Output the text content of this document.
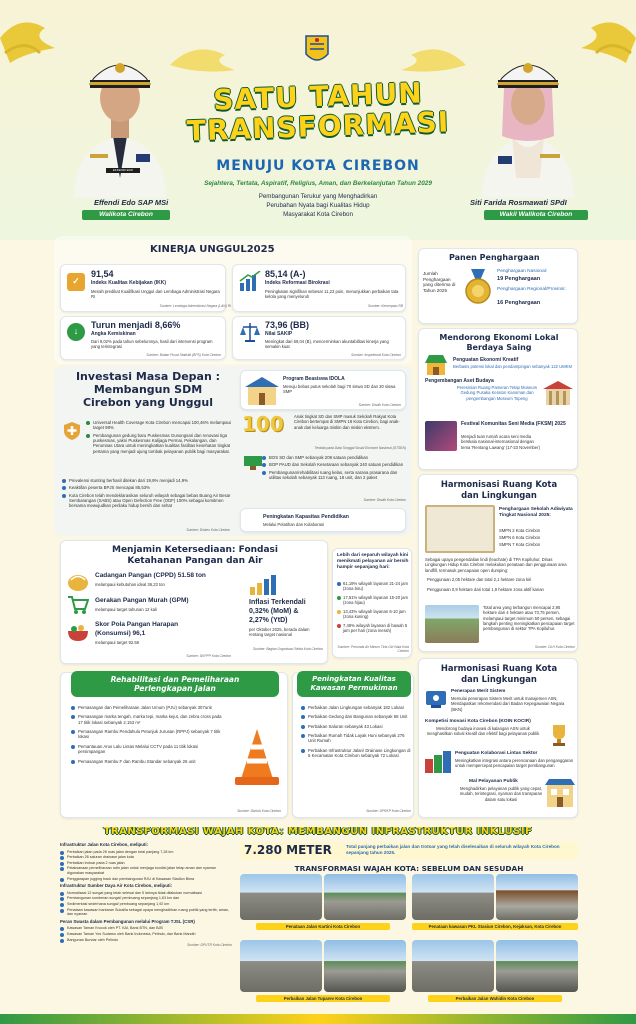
EFFENDI EDO
Effendi Edo SAP MSi
Walikota Cirebon
Siti Farida Rosmawati SPdI
Wakil Walikota Cirebon
SATU TAHUN
TRANSFORMASI
MENUJU KOTA CIREBON
Sejahtera, Tertata, Aspiratif, Religius, Aman, dan Berkelanjutan Tahun 2029
Pembangunan Terukur yang Menghadirkan
Perubahan Nyata bagi Kualitas Hidup
Masyarakat Kota Cirebon
KINERJA UNGGUL2025
✓
91,54
Indeks Kualitas Kebijakan (IKK)
Meraih predikat Kualifikasi Unggul dari Lembaga Administrasi Negara RI
Sumber: Lembaga Administrasi Negara (LAN) RI
85,14 (A-)
Indeks Reformasi Birokrasi
Peningkatan signifikan sebesar 11,23 poin, menunjukkan perbaikan tata kelola yang menyeluruh
Sumber: Kemenpan-RB
↓
Turun menjadi 8,66%
Angka Kemiskinan
Dari 9,02% pada tahun sebelumnya, hasil dari intervensi program yang terintegrasi
Sumber: Badan Pusat Statistik (BPS) Kota Cirebon
73,96 (BB)
Nilai SAKIP
Meningkat dari 69,04 (B), mencerminkan akuntabilitas kinerja yang semakin kuat
Sumber: Inspektorat Kota Cirebon
Panen Penghargaan
Jumlah Penghargaan yang diterima di Tahun 2025
Penghargaan Nasional:
19 Penghargaan
Penghargaan Regional/Provinsi:
16 Penghargaan
Mendorong Ekonomi Lokal
Berdaya Saing
Penguatan Ekonomi Kreatif
Berbasis potensi lokal dan pendampingan sebanyak 122 UMKM
Pengembangan Aset Budaya
Peresmian Ruang Pameran Tetap Museum Gedung Pusaka Keraton Kanoman dan pengembangan Museum Topeng
Festival Komunitas Seni Media (FKSM) 2025
Menjadi tuan rumah acara seni media berskala nasional-internasional dengan tema 'Rentang Lawang' (17-23 November)
Investasi Masa Depan :
Membangun SDM
Cirebon yang Unggul
Universal Health Coverage Kota Cirebon mencapai 100,46% melampaui target 98%
Pembangunan gedung baru Puskesmas Gunungsari dan renovasi tiga puskesmas, yakni Puskesmas Kalijaga Permai, Pekalangan, dan Perumnas Utara untuk meningkatkan kualitas fasilitas kesehatan tingkat pertama yang menjadi ujung tombak pelayanan publik bagi masyarakat.
Prevalensi stunting berhasil ditekan dari 19,9% menjadi 14,9%
Keaktifan peserta BPJS mencapai 85,53%
Kota Cirebon telah mendeklarasikan seluruh wilayah sebagai bebas Buang Air Besar Sembarangan (SABS) atau Open Defection Free (ODF) 100% sebagai komitmen bersama mewujudkan perilaku hidup bersih dan sehat
Sumber: Dinkes Kota Cirebon
Program Beasiswa IDOLA
Menuju bebas putus sekolah bagi 70 siswa SD dan 30 siswa SMP
Sumber: Disdik Kota Cirebon
100	Anak tingkat SD dan SMP masuk Sekolah Rakyat Kota Cirebon bertempat di SMPN 18 Kota Cirebon, bagi anak-anak dari keluarga miskin dan miskin ekstrem.
Terdata pada Data Tunggal Sosial Ekonomi Nasional (DTSEN)
BOS SD dan SMP sebanyak 208 satuan pendidikan
BOP PAUD dan Sekolah Kesetaraan sebanyak 240 satuan pendidikan
Pembangunan/rehabilitasi ruang kelas, serta sarana prasarana dan utilitas sekolah sebanyak 113 ruang, 18 unit, dan 2 paket
Sumber: Disdik Kota Cirebon
Peningkatan Kapasitas Pendidikan
Melalui Pelatihan dan Kolaborasi
Harmonisasi Ruang Kota
dan Lingkungan
Penghargaan Sekolah Adiwiyata Tingkat Nasional 2025:
SMPN 2 Kota Cirebon
SMPN 6 Kota Cirebon
SMPN 7 Kota Cirebon
Sebagai upaya pengendalian lindi (leachate) di TPA Kopiluhur, Dinas Lingkungan Hidup Kota Cirebon melakukan penataan dan penggunaan area landfill, termasuk pencapaian open dumping:
Penggunaan 2,05 hektare dan total 2,1 hektare zona kiri
Penggunaan 0,9 hektare dari total 1,9 hektare zona aktif kanan
Total area yang terbangun mencapai 2,95 hektare dari 4 hektare atau 73,75 persen, melampaui target minimum 50 persen, sebagai langkah penting meningkatkan pencapaian target pembangunan di sektor TPA Kopiluhur.
Sumber: DLH Kota Cirebon
Menjamin Ketersediaan: Fondasi
Ketahanan Pangan dan Air
Cadangan Pangan (CPPD) 51.58 ton
melampaui kebutuhan ideal 36,23 ton
Gerakan Pangan Murah (GPM)
melampaui target tahunan 12 kali
Skor Pola Pangan Harapan
(Konsumsi) 96,1
melampaui target 92.58
Sumber: DKPPP Kota Cirebon
Inflasi Terkendali
0,32% (MoM) &
2,27% (YtD)
per Oktober 2025, berada dalam rentang target nasional
Sumber: Bagian Organisasi Setda Kota Cirebon
Lebih dari separuh wilayah kini menikmati pelayanan air bersih hampir sepanjang hari:
61,19% wilayah layanan 21-24 jam (zona biru)
17,51% wilayah layanan 15-20 jam (zona hijau)
13,43% wilayah layanan 6-10 jam (zona kuning)
7,46% wilayah layanan di bawah 5 jam per hari (zona merah)
Sumber: Perumda Air Minum Tirta Giri Nata Kota Cirebon
Rehabilitasi dan Pemeliharaan
Perlengkapan Jalan
Pemasangan dan Pemeliharaan Jalan Umum (PJU) sebanyak 307unit
Pemasangan marka tengah, marka tepi, marka kejut, dan zebra cross pada 17 titik lokasi sebanyak 2.153 m²
Pemasangan Rambu Pendahulu Petunjuk Jurusan (RPPJ) sebanyak 7 titik lokasi
Pemantauan Arus Lalu Lintas Melalui CCTV pada 11 titik lokasi persimpangan
Pemasangan Rambu F dan Rambu Standar sebanyak 26 unit
Sumber: Dishub Kota Cirebon
Peningkatan Kualitas
Kawasan Permukiman
Perbaikan Jalan Lingkungan sebanyak 182 Lokasi
Perbaikan Gedung dan Bangunan sebanyak 68 Unit
Perbaikan Saluran sebanyak 43 Lokasi
Perbaikan Rumah Tidak Layak Huni sebanyak 276 Unit Rumah
Perbaikan Infrastruktur Jalan/ Drainase Lingkungan di 5 Kecamatan Kota Cirebon sebanyak 72 Lokasi
Sumber: DPRKP Kota Cirebon
Harmonisasi Ruang Kota
dan Lingkungan
Penerapan Merit Sistem
Memulai penerapan Sistem Merit untuk manajemen ASN, Mendapatkan rekomendasi dari Badan Kepegawaian Negara (BKN)
Kompetisi Inovasi Kota Cirebon (KOIN KOCIR)
Mendorong budaya inovasi di kalangan ASN untuk menghasilkan solusi kreatif dan efektif bagi pelayanan publik
Penguatan Kolaborasi Lintas Sektor
Meningkatkan integrasi antara perencanaan dan penganggaran untuk mempercepat pencapaian target pembangunan
Mal Pelayanan Publik
Menghadirkan pelayanan publik yang cepat, mudah, terintegrasi, nyaman dan transparan dalam satu lokasi
TRANSFORMASI WAJAH KOTA: MEMBANGUN INFRASTRUKTUR INKLUSIF
Infrastruktur Jalan Kota Cirebon, meliputi:
Perbaikan jalan pada 26 ruas jalan dengan total panjang 7,28 km
Perbaikan 28 saluran drainase jalan kota
Perbaikan trotoar pada 2 ruas jalan
Pelaksanaan pemeliharaan rutin jalan untuk menjaga kondisi jalan tetap aman dan nyaman digunakan masyarakat
Penggarapan jogging track dan pembangunan RJU di Kawasan Stadion Bima
Infrastruktur Sumber Daya Air Kota Cirebon, meliputi:
Normalisasi 12 sungai yang telah selesai dan 5 lainnya tidak dilakukan normalisasi
Pembangunan sumberan sungai/ pembuang sepanjang 1,63 km dan
Sedimentasi sederhana sungai/ pembuang sepanjang 1,92 km
Penataan kawasan bantaran Sukalila sebagai upaya menghadirkan ruang publik yang tertib, aman, dan nyaman
Peran Swasta dalam Pembangunan melalui Program TJSL (CSR)
Kawasan Taman Krucuk oleh PT. KAI, Bank BTN, dan BJB
Kawasan Taman Yos Sudarso oleh Bank Indonesia, Pelindo, dan Bank Mandiri
Bangunan Bundar oleh Pelindo
Sumber: DPUTR Kota Cirebon
7.280 METER	Total panjang perbaikan jalan dan trotoar yang telah diselesaikan di seluruh wilayah Kota Cirebon sepanjang tahun 2025.
TRANSFORMASI WAJAH KOTA: SEBELUM DAN SESUDAH
Penataan Jalan Kartini Kota Cirebon	Penataan kawasan PKL Stasiun Cirebon, Kejaksan, Kota Cirebon
Perbaikan Jalan Tuparev Kota Cirebon	Perbaikan Jalan Wahidin Kota Cirebon
